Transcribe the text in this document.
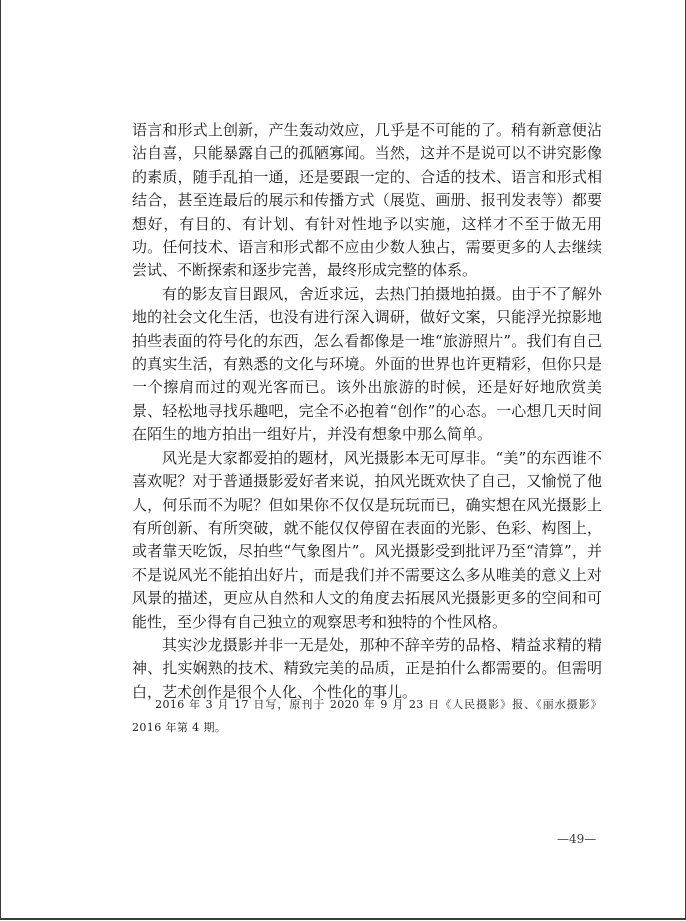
语言和形式上创新，产生轰动效应，几乎是不可能的了。稍有新意便沾沾自喜，只能暴露自己的孤陋寡闻。当然，这并不是说可以不讲究影像的素质，随手乱拍一通，还是要跟一定的、合适的技术、语言和形式相结合，甚至连最后的展示和传播方式（展览、画册、报刊发表等）都要想好，有目的、有计划、有针对性地予以实施，这样才不至于做无用功。任何技术、语言和形式都不应由少数人独占，需要更多的人去继续尝试、不断探索和逐步完善，最终形成完整的体系。

有的影友盲目跟风，舍近求远，去热门拍摄地拍摄。由于不了解外地的社会文化生活，也没有进行深入调研，做好文案，只能浮光掠影地拍些表面的符号化的东西，怎么看都像是一堆“旅游照片”。我们有自己的真实生活，有熟悉的文化与环境。外面的世界也许更精彩，但你只是一个擦肩而过的观光客而已。该外出旅游的时候，还是好好地欣赏美景、轻松地寻找乐趣吧，完全不必抱着“创作”的心态。一心想几天时间在陌生的地方拍出一组好片，并没有想象中那么简单。

风光是大家都爱拍的题材，风光摄影本无可厚非。“美”的东西谁不喜欢呢？对于普通摄影爱好者来说，拍风光既欢快了自己，又愉悦了他人，何乐而不为呢？但如果你不仅仅是玩玩而已，确实想在风光摄影上有所创新、有所突破，就不能仅仅停留在表面的光影、色彩、构图上，或者靠天吃饭，尽拍些“气象图片”。风光摄影受到批评乃至“清算”，并不是说风光不能拍出好片，而是我们并不需要这么多从唯美的意义上对风景的描述，更应从自然和人文的角度去拓展风光摄影更多的空间和可能性，至少得有自己独立的观察思考和独特的个性风格。

其实沙龙摄影并非一无是处，那种不辞辛劳的品格、精益求精的精神、扎实娴熟的技术、精致完美的品质，正是拍什么都需要的。但需明白，艺术创作是很个人化、个性化的事儿。

2016 年 3 月 17 日写，原刊于 2020 年 9 月 23 日《人民摄影》报、《丽水摄影》2016 年第 4 期。
—49—
